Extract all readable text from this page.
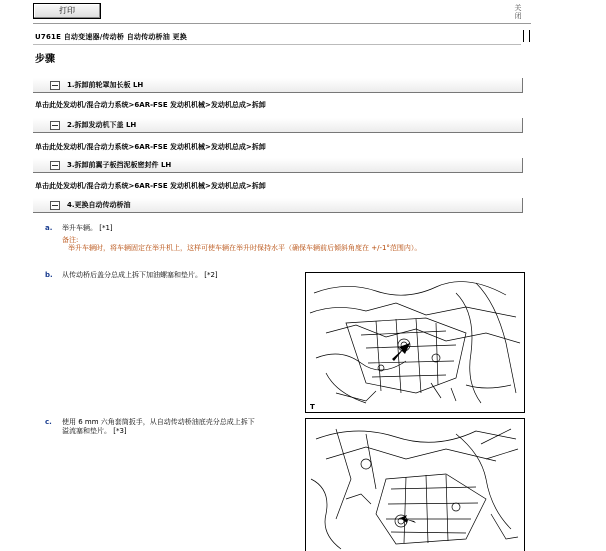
打印	关闭
U761E 自动变速器/传动桥 自动传动桥油 更换
步骤
1.拆卸前轮罩加长板 LH
单击此处发动机/混合动力系统>6AR-FSE 发动机机械>发动机总成>拆卸
2.拆卸发动机下盖 LH
单击此处发动机/混合动力系统>6AR-FSE 发动机机械>发动机总成>拆卸
3.拆卸前翼子板挡泥板密封件 LH
单击此处发动机/混合动力系统>6AR-FSE 发动机机械>发动机总成>拆卸
4.更换自动传动桥油
a. 举升车辆。 [*1]
备注:
举升车辆时，将车辆固定在举升机上，这样可使车辆在举升时保持水平（确保车辆前后倾斜角度在 +/-1°范围内）。
b. 从传动桥后盖分总成上拆下加油螺塞和垫片。 [*2]
T
c. 使用 6 mm 六角套筒扳手，从自动传动桥油底壳分总成上拆下
溢流塞和垫片。 [*3]
